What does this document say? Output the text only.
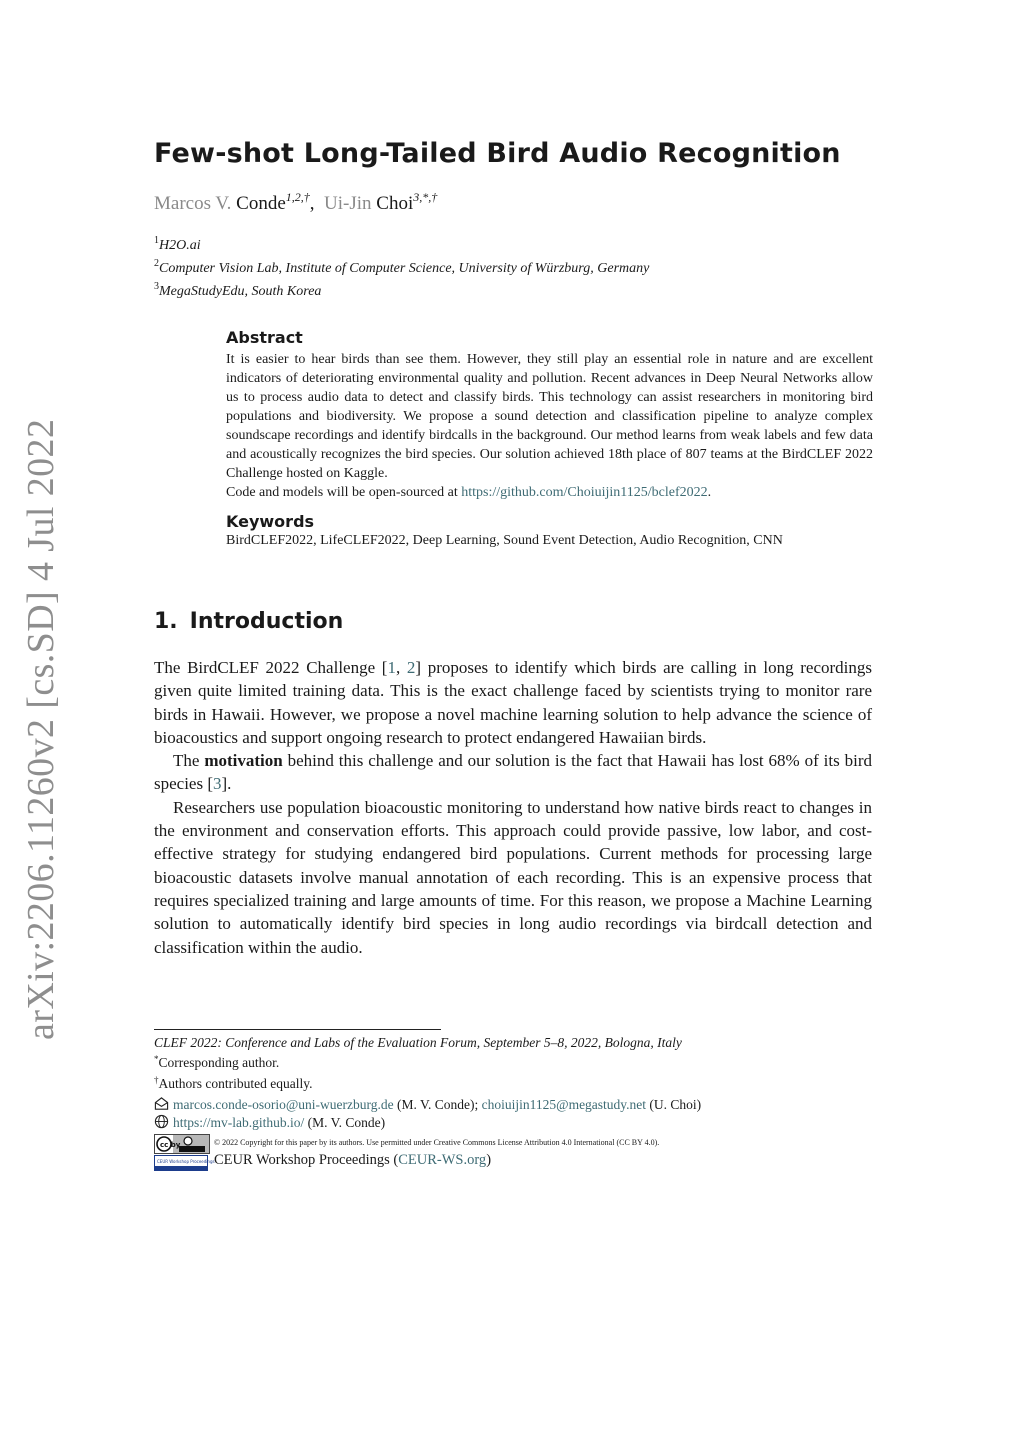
arXiv:2206.11260v2 [cs.SD] 4 Jul 2022
Few-shot Long-Tailed Bird Audio Recognition
Marcos V. Conde$^{1,2,\dagger}$,  Ui-Jin Choi$^{3,*,\dagger}$
$^1$H2O.ai
$^2$Computer Vision Lab, Institute of Computer Science, University of Würzburg, Germany
$^3$MegaStudyEdu, South Korea
Abstract

It is easier to hear birds than see them. However, they still play an essential role in nature and are excellent indicators of deteriorating environmental quality and pollution. Recent advances in Deep Neural Networks allow us to process audio data to detect and classify birds. This technology can assist researchers in monitoring bird populations and biodiversity. We propose a sound detection and classification pipeline to analyze complex soundscape recordings and identify birdcalls in the background. Our method learns from weak labels and few data and acoustically recognizes the bird species. Our solution achieved 18th place of 807 teams at the BirdCLEF 2022 Challenge hosted on Kaggle.

Code and models will be open-sourced at https://github.com/Choiuijin1125/bclef2022.

Keywords
BirdCLEF2022, LifeCLEF2022, Deep Learning, Sound Event Detection, Audio Recognition, CNN
1. Introduction

The BirdCLEF 2022 Challenge [1, 2] proposes to identify which birds are calling in long recordings given quite limited training data. This is the exact challenge faced by scientists trying to monitor rare birds in Hawaii. However, we propose a novel machine learning solution to help advance the science of bioacoustics and support ongoing research to protect endangered Hawaiian birds.

The motivation behind this challenge and our solution is the fact that Hawaii has lost 68% of its bird species [3].

Researchers use population bioacoustic monitoring to understand how native birds react to changes in the environment and conservation efforts. This approach could provide passive, low labor, and cost-effective strategy for studying endangered bird populations. Current methods for processing large bioacoustic datasets involve manual annotation of each recording. This is an expensive process that requires specialized training and large amounts of time. For this reason, we propose a Machine Learning solution to automatically identify bird species in long audio recordings via birdcall detection and classification within the audio.

CLEF 2022: Conference and Labs of the Evaluation Forum, September 5–8, 2022, Bologna, Italy
*Corresponding author.
†Authors contributed equally.
marcos.conde-osorio@uni-wuerzburg.de (M. V. Conde); choiuijin1125@megastudy.net (U. Choi)
https://mv-lab.github.io/ (M. V. Conde)
cc by	© 2022 Copyright for this paper by its authors. Use permitted under Creative Commons License Attribution 4.0 International (CC BY 4.0).
CEUR Workshop Proceedings CEUR Workshop Proceedings (CEUR-WS.org)
